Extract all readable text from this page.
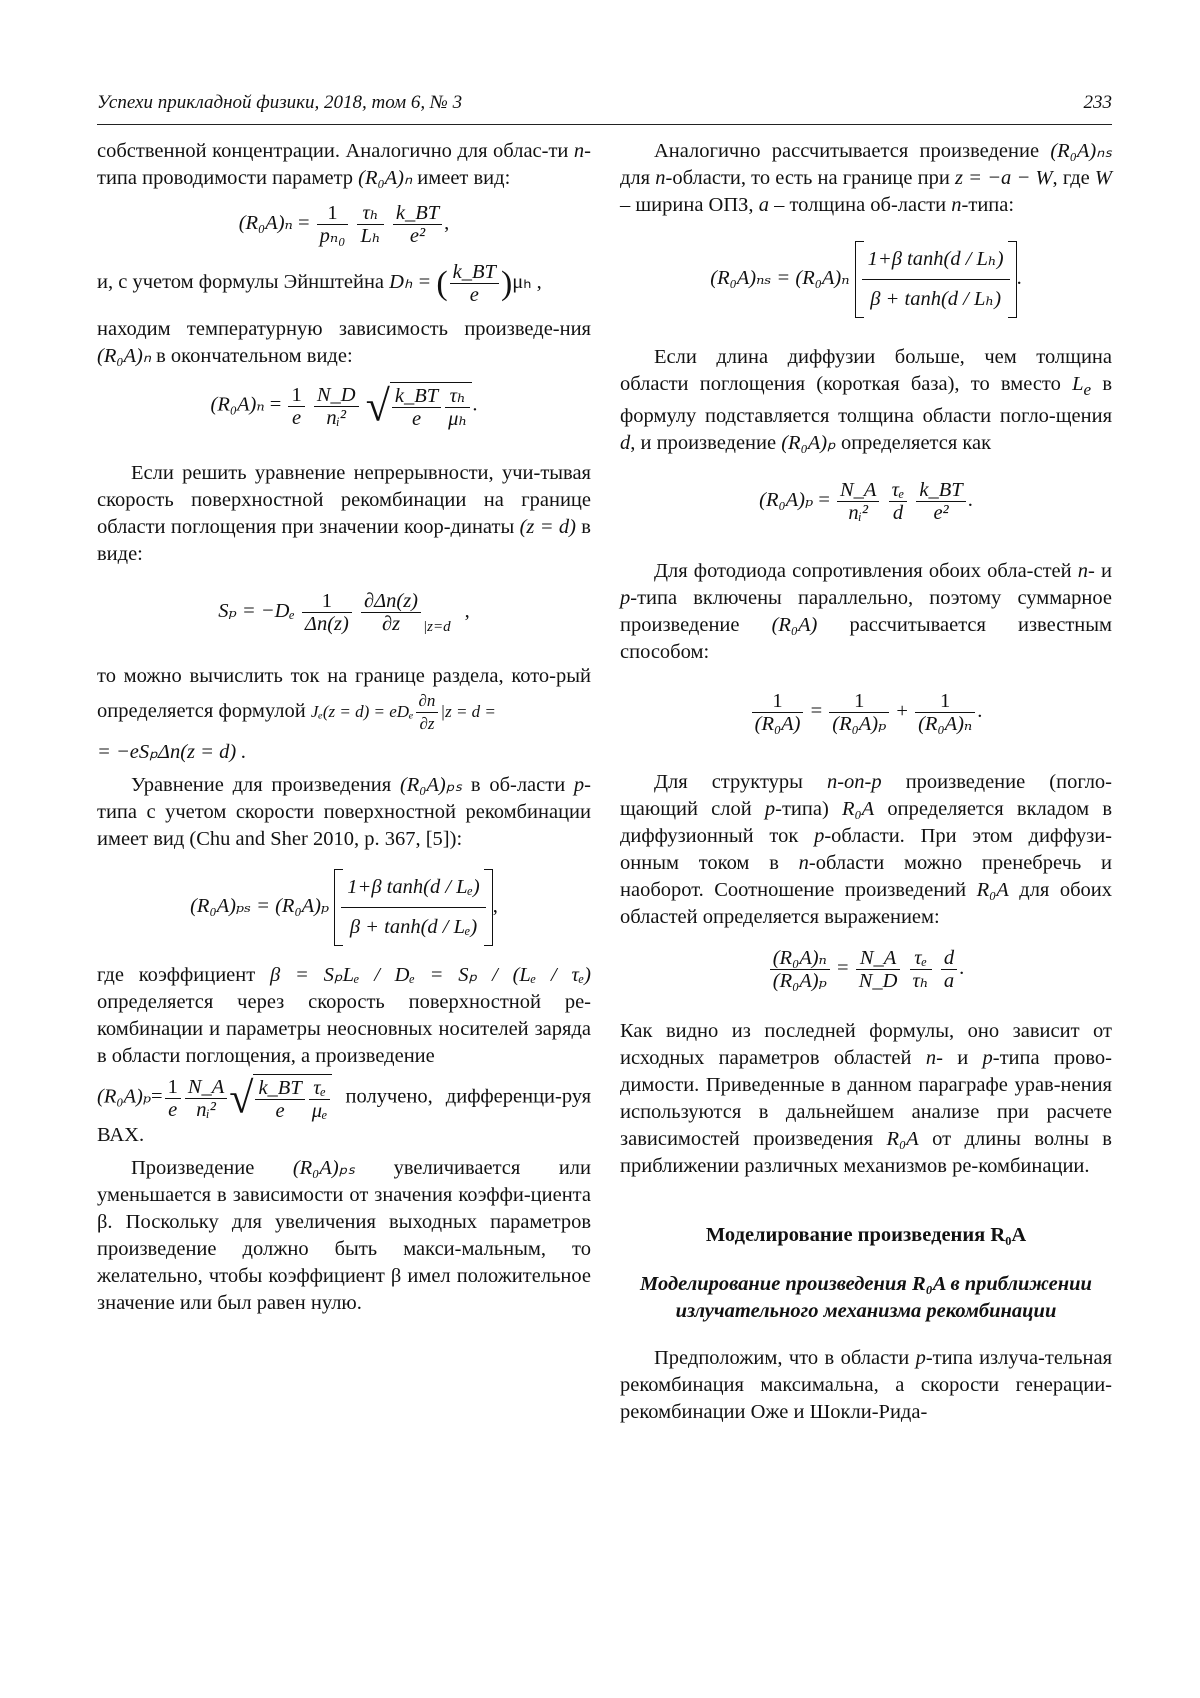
Успехи прикладной физики, 2018, том 6, № 3	233

собственной концентрации. Аналогично для облас-ти n-типа проводимости параметр (R₀A)ₙ имеет вид:

(R₀A)ₙ = 1
pₙ₀

τₕ
Lₕ

k_BT
e²
,

и, с учетом формулы Эйнштейна Dₕ = ( k_BT
e )μₕ ,

находим температурную зависимость произведе-ния (R₀A)ₙ в окончательном виде:

(R₀A)ₙ = 1
e

N_D
nᵢ² √ k_BT
e
τₕ
μₕ
.

Если решить уравнение непрерывности, учи-тывая скорость поверхностной рекомбинации на границе области поглощения при значении коор-динаты (z = d) в виде:

Sₚ = −Dₑ	1
Δn(z)

∂Δn(z)
∂z	|z=d,

то можно вычислить ток на границе раздела, кото-рый определяется формулой Jₑ(z = d) = eDₑ
∂n
∂z
|z = d =

= −eSₚΔn(z = d) .

Уравнение для произведения (R₀A)ₚₛ в об-ласти p-типа с учетом скорости поверхностной рекомбинации имеет вид (Chu and Sher 2010, p. 367, [5]):

(R₀A)ₚₛ = (R₀A)ₚ
1+β tanh(d / Lₑ)
β + tanh(d / Lₑ)
,

где коэффициент β = SₚLₑ / Dₑ = Sₚ / (Lₑ / τₑ) определяется через скорость поверхностной ре-комбинации и параметры неосновных носителей заряда в области поглощения, а произведение

(R₀A)ₚ= 1
e
N_A
nᵢ² √ k_BT
e
τₑ
μₑ
получено, дифференци-руя ВАХ.

Произведение (R₀A)ₚₛ увеличивается или уменьшается в зависимости от значения коэффи-циента β. Поскольку для увеличения выходных параметров произведение должно быть макси-мальным, то желательно, чтобы коэффициент β имел положительное значение или был равен нулю.

Аналогично рассчитывается произведение (R₀A)ₙₛ для n-области, то есть на границе при z = −a − W, где W – ширина ОПЗ, a – толщина об-ласти n-типа:

(R₀A)ₙₛ = (R₀A)ₙ
1+β tanh(d / Lₕ)
β + tanh(d / Lₕ)
.

Если длина диффузии больше, чем толщина области поглощения (короткая база), то вместо Le в формулу подставляется толщина области погло-щения d, и произведение (R₀A)ₚ определяется как

(R₀A)ₚ = N_A
nᵢ²

τₑ
d

k_BT
e²
.

Для фотодиода сопротивления обоих обла-стей n- и p-типа включены параллельно, поэтому суммарное произведение (R₀A) рассчитывается известным способом:

1
(R₀A)
=	1
(R₀A)ₚ
+	1
(R₀A)ₙ
.

Для структуры n-on-p произведение (погло-щающий слой p-типа) R₀A определяется вкладом в диффузионный ток p-области. При этом диффузи-онным током в n-области можно пренебречь и наоборот. Соотношение произведений R₀A для обоих областей определяется выражением:

(R₀A)ₙ
(R₀A)ₚ
= N_A
N_D

τₑ
τₕ

d
a
.

Как видно из последней формулы, оно зависит от исходных параметров областей n- и p-типа прово-димости. Приведенные в данном параграфе урав-нения используются в дальнейшем анализе при расчете зависимостей произведения R₀A от длины волны в приближении различных механизмов ре-комбинации.

Моделирование произведения R₀A
Моделирование произведения R₀A в приближении излучательного механизма рекомбинации

Предположим, что в области p-типа излуча-тельная рекомбинация максимальна, а скорости генерации-рекомбинации Оже и Шокли-Рида-
